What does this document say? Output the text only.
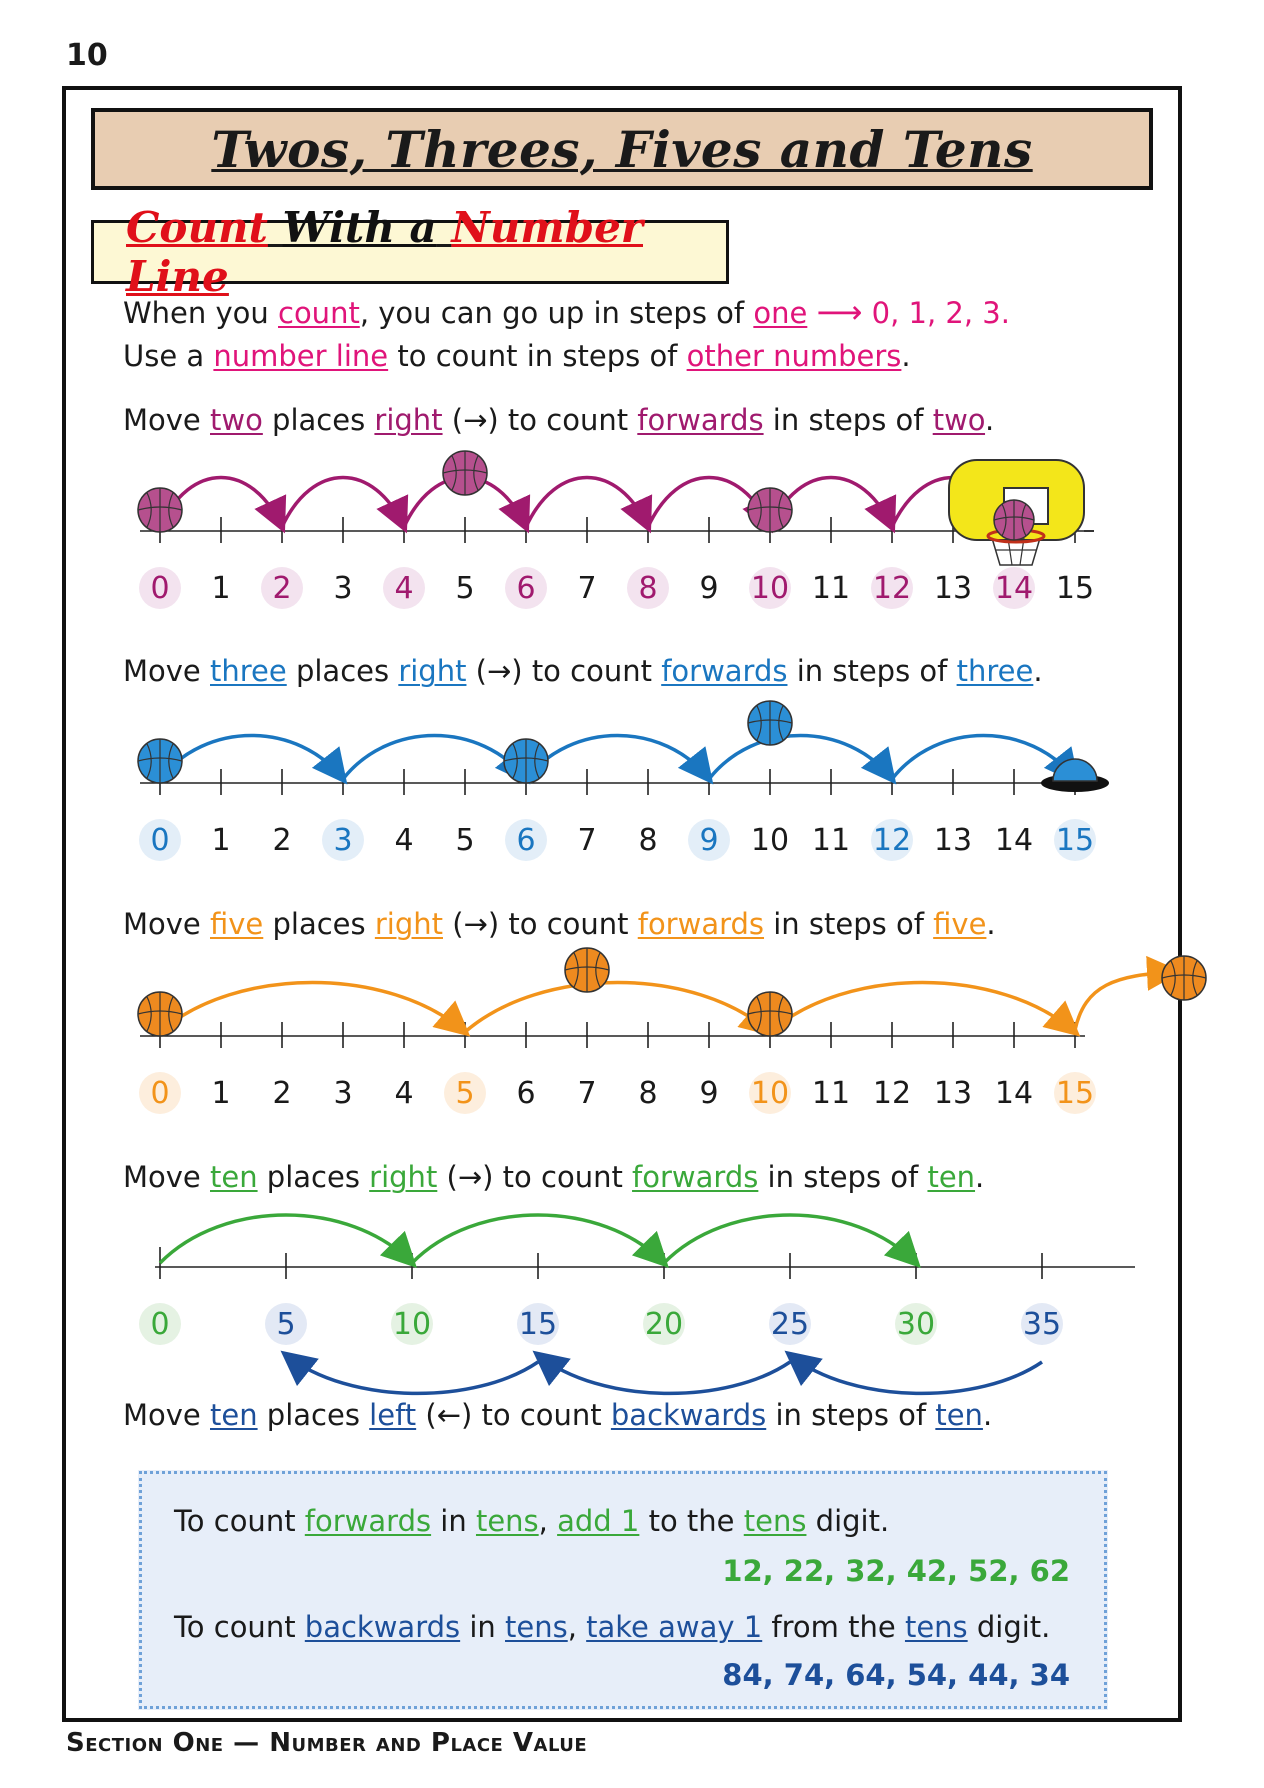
10
Twos, Threes, Fives and Tens
Count With a Number Line
When you count, you can go up in steps of one ⟶ 0, 1, 2, 3.
Use a number line to count in steps of other numbers.
Move two places right (→) to count forwards in steps of two.
Move three places right (→) to count forwards in steps of three.
Move five places right (→) to count forwards in steps of five.
Move ten places right (→) to count forwards in steps of ten.
Move ten places left (←) to count backwards in steps of ten.
0 1 2 3 4 5 6 7 8 9 10 11 12 13 14 15
0 1 2 3 4 5 6 7 8 9 10 11 12 13 14 15
0 1 2 3 4 5 6 7 8 9 10 11 12 13 14 15
0	5	10	15	20	25	30	35
To count forwards in tens, add 1 to the tens digit.
12, 22, 32, 42, 52, 62
To count backwards in tens, take away 1 from the tens digit.
84, 74, 64, 54, 44, 34
Section One — Number and Place Value
